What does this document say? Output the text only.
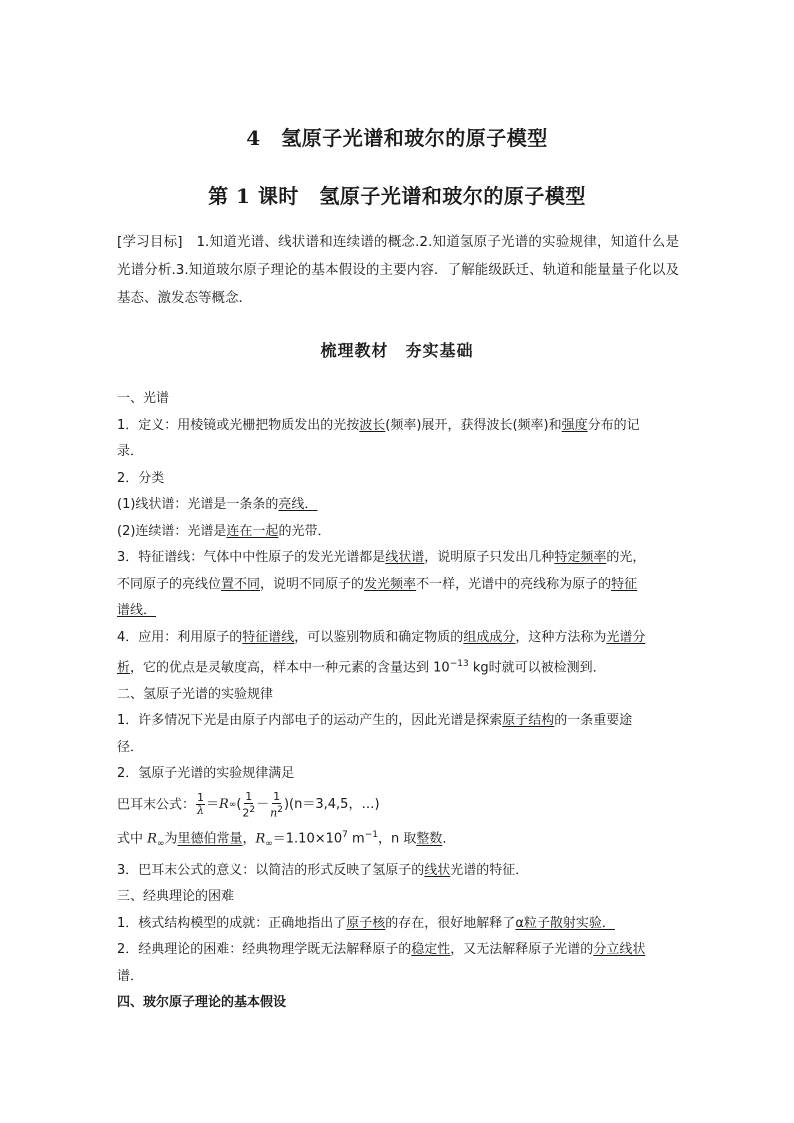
4　氢原子光谱和玻尔的原子模型
第 1 课时　氢原子光谱和玻尔的原子模型
[学习目标]　1.知道光谱、线状谱和连续谱的概念.2.知道氢原子光谱的实验规律，知道什么是光谱分析.3.知道玻尔原子理论的基本假设的主要内容．了解能级跃迁、轨道和能量量子化以及基态、激发态等概念．
梳理教材　夯实基础
一、光谱
1．定义：用棱镜或光栅把物质发出的光按波长(频率)展开，获得波长(频率)和强度分布的记
录．
2．分类
(1)线状谱：光谱是一条条的亮线．
(2)连续谱：光谱是连在一起的光带．
3．特征谱线：气体中中性原子的发光光谱都是线状谱，说明原子只发出几种特定频率的光，
不同原子的亮线位置不同，说明不同原子的发光频率不一样，光谱中的亮线称为原子的特征
谱线．
4．应用：利用原子的特征谱线，可以鉴别物质和确定物质的组成成分，这种方法称为光谱分
析，它的优点是灵敏度高，样本中一种元素的含量达到 $10^{-13}$ kg时就可以被检测到．
二、氢原子光谱的实验规律
1．许多情况下光是由原子内部电子的运动产生的，因此光谱是探索原子结构的一条重要途
径．
2．氢原子光谱的实验规律满足
巴耳末公式： $\frac{1}{\lambda} = R$ ∞ ( $\frac{1}{2^2} - \frac{1}{n^2} )(n=3,4,5$，…)
式中 $R_\infty$为里德伯常量，$R_\infty=1.10\times 10^7$ $m^{-1}$，n 取整数．
3．巴耳末公式的意义：以简洁的形式反映了氢原子的线状光谱的特征．
三、经典理论的困难
1．核式结构模型的成就：正确地指出了原子核的存在，很好地解释了α粒子散射实验．
2．经典理论的困难：经典物理学既无法解释原子的稳定性，又无法解释原子光谱的分立线状
谱．
四、玻尔原子理论的基本假设
